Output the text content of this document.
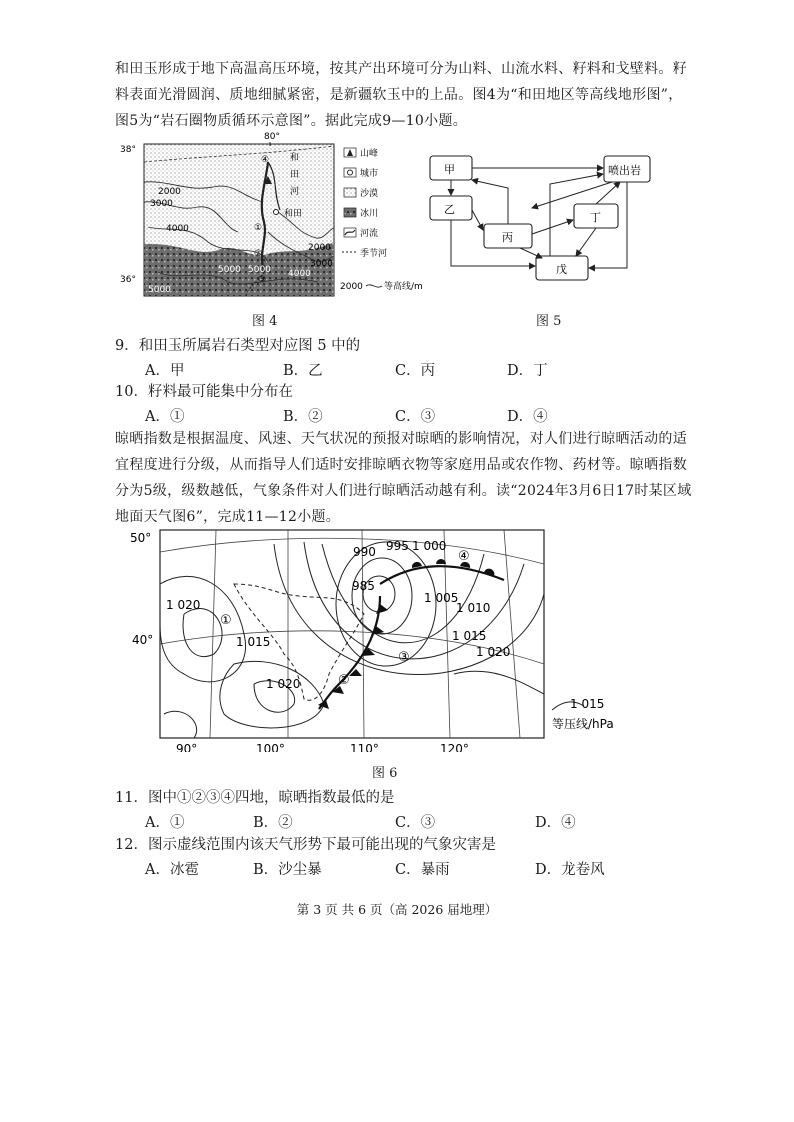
和田玉形成于地下高温高压环境，按其产出环境可分为山料、山流水料、籽料和戈壁料。籽料表面光滑圆润、质地细腻紧密，是新疆软玉中的上品。图4为“和田地区等高线地形图”，图5为“岩石圈物质循环示意图”。据此完成9—10小题。
80°
38°
36°
2000
3000
4000
5000
2000
3000
4000
5000
5000
和
田
河
和田
④
①
②
③
山峰
城市
沙漠
冰川
河流
季节河
2000 等高线/m
图 4
甲
乙
丙
丁
戊
喷出岩
图 5
9．和田玉所属岩石类型对应图 5 中的
A．甲	B．乙	C．丙	D．丁
10．籽料最可能集中分布在
A．①	B．②	C．③	D．④
晾晒指数是根据温度、风速、天气状况的预报对晾晒的影响情况，对人们进行晾晒活动的适宜程度进行分级，从而指导人们适时安排晾晒衣物等家庭用品或农作物、药材等。晾晒指数分为5级，级数越低，气象条件对人们进行晾晒活动越有利。读“2024年3月6日17时某区域地面天气图6”，完成11—12小题。
990 995 1 000
985
1 005
1 010
1 015
1 020
1 020
1 015
1 020
①
②
③
④
50°
40°
90°	100°	110°	120°
1 015
等压线/hPa
图 6
11．图中①②③④四地，晾晒指数最低的是
A．①	B．②	C．③	D．④
12．图示虚线范围内该天气形势下最可能出现的气象灾害是
A．冰雹	B．沙尘暴	C．暴雨	D．龙卷风
第 3 页 共 6 页（高 2026 届地理）
